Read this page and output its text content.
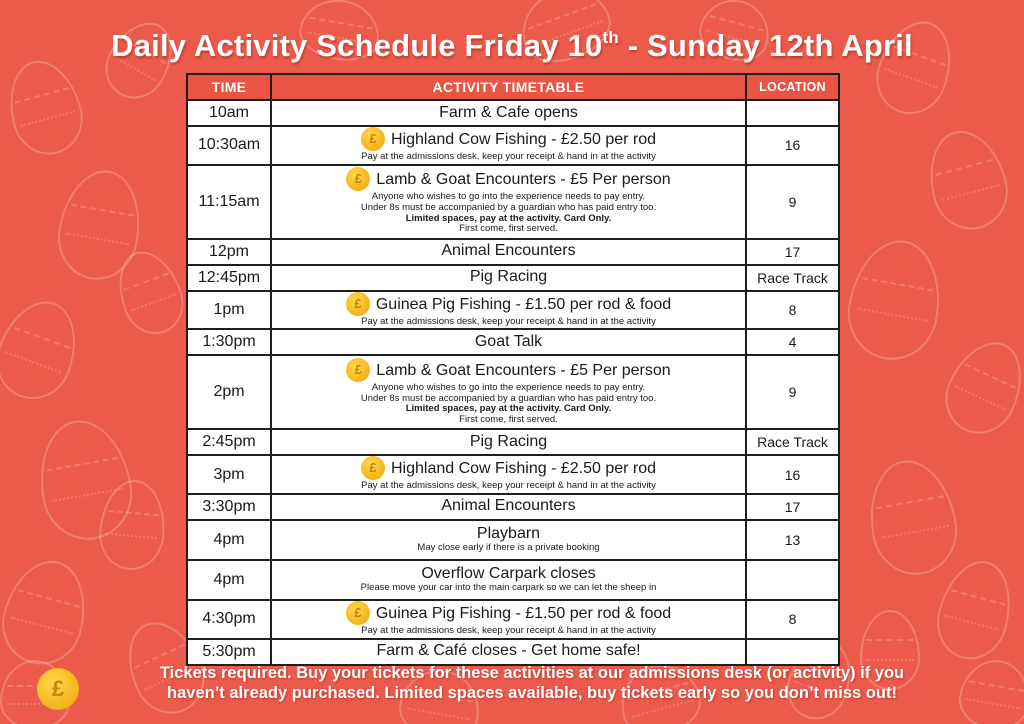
Daily Activity Schedule Friday 10th - Sunday 12th April
TIME	ACTIVITY TIMETABLE	LOCATION
10am	Farm & Cafe opens	

10:30am	£ Highland Cow Fishing - £2.50 per rod
Pay at the admissions desk, keep your receipt & hand in at the activity	16
11:15am	£ Lamb & Goat Encounters - £5 Per person
Anyone who wishes to go into the experience needs to pay entry.
Under 8s must be accompanied by a guardian who has paid entry too.
Limited spaces, pay at the activity. Card Only.
First come, first served.	9
12pm	Animal Encounters	17
12:45pm	Pig Racing	Race Track
1pm	£ Guinea Pig Fishing - £1.50 per rod & food
Pay at the admissions desk, keep your receipt & hand in at the activity	8
1:30pm	Goat Talk	4
2pm	£ Lamb & Goat Encounters - £5 Per person
Anyone who wishes to go into the experience needs to pay entry.
Under 8s must be accompanied by a guardian who has paid entry too.
Limited spaces, pay at the activity. Card Only.
First come, first served.	9
2:45pm	Pig Racing	Race Track
3pm	£ Highland Cow Fishing - £2.50 per rod
Pay at the admissions desk, keep your receipt & hand in at the activity	16
3:30pm	Animal Encounters	17
4pm	Playbarn
May close early if there is a private booking	13
4pm	Overflow Carpark closes
Please move your car into the main carpark so we can let the sheep in	

4:30pm	£ Guinea Pig Fishing - £1.50 per rod & food
Pay at the admissions desk, keep your receipt & hand in at the activity	8
5:30pm	Farm & Café closes - Get home safe!	

£
Tickets required. Buy your tickets for these activities at our admissions desk (or activity) if you
haven’t already purchased. Limited spaces available, buy tickets early so you don’t miss out!
